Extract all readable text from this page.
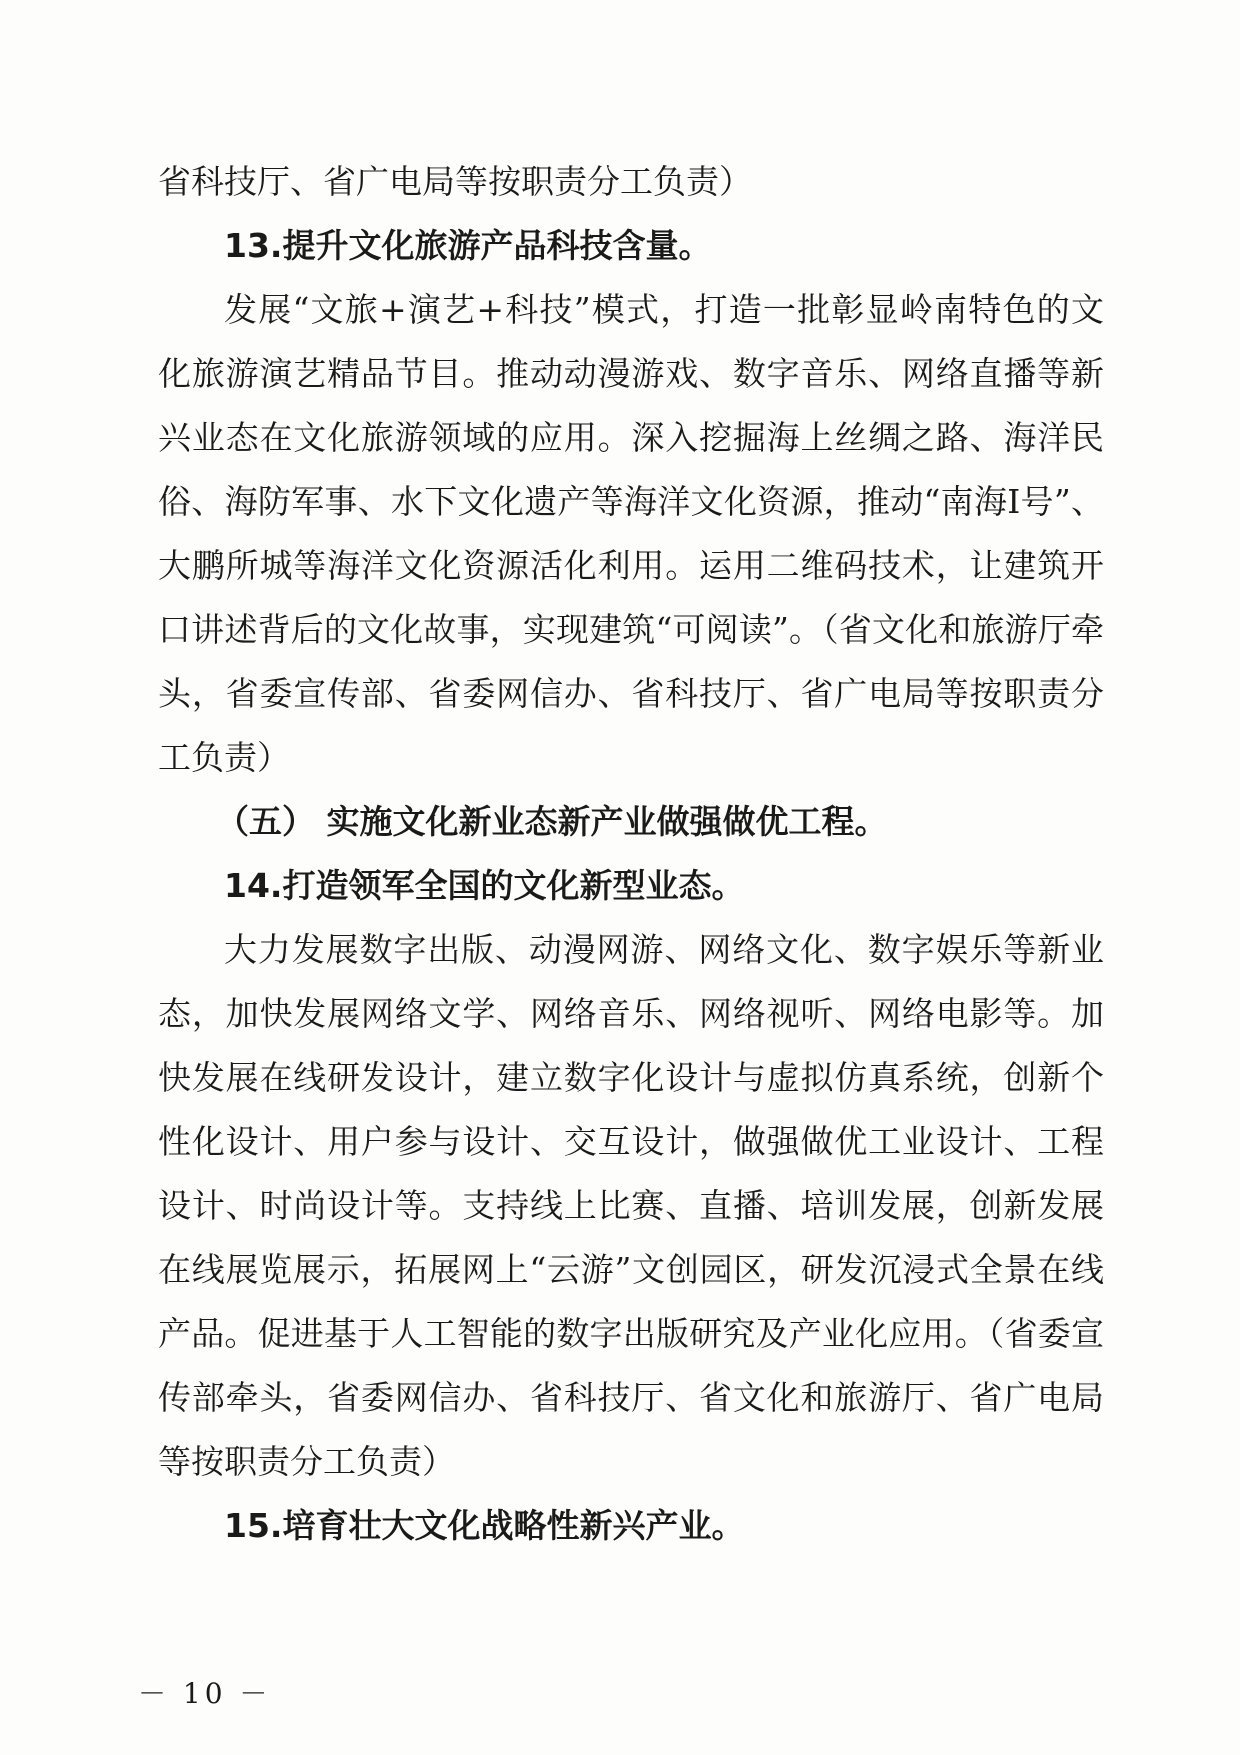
省科技厅、省广电局等按职责分工负责）

13.提升文化旅游产品科技含量。

发展“文旅+演艺+科技”模式，打造一批彰显岭南特色的文化旅游演艺精品节目。推动动漫游戏、数字音乐、网络直播等新兴业态在文化旅游领域的应用。深入挖掘海上丝绸之路、海洋民俗、海防军事、水下文化遗产等海洋文化资源，推动“南海Ⅰ号”、大鹏所城等海洋文化资源活化利用。运用二维码技术，让建筑开口讲述背后的文化故事，实现建筑“可阅读”。（省文化和旅游厅牵头，省委宣传部、省委网信办、省科技厅、省广电局等按职责分工负责）

（五） 实施文化新业态新产业做强做优工程。

14.打造领军全国的文化新型业态。

大力发展数字出版、动漫网游、网络文化、数字娱乐等新业态，加快发展网络文学、网络音乐、网络视听、网络电影等。加快发展在线研发设计，建立数字化设计与虚拟仿真系统，创新个性化设计、用户参与设计、交互设计，做强做优工业设计、工程设计、时尚设计等。支持线上比赛、直播、培训发展，创新发展在线展览展示，拓展网上“云游”文创园区，研发沉浸式全景在线产品。促进基于人工智能的数字出版研究及产业化应用。（省委宣传部牵头，省委网信办、省科技厅、省文化和旅游厅、省广电局等按职责分工负责）

15.培育壮大文化战略性新兴产业。

－ 10 －
